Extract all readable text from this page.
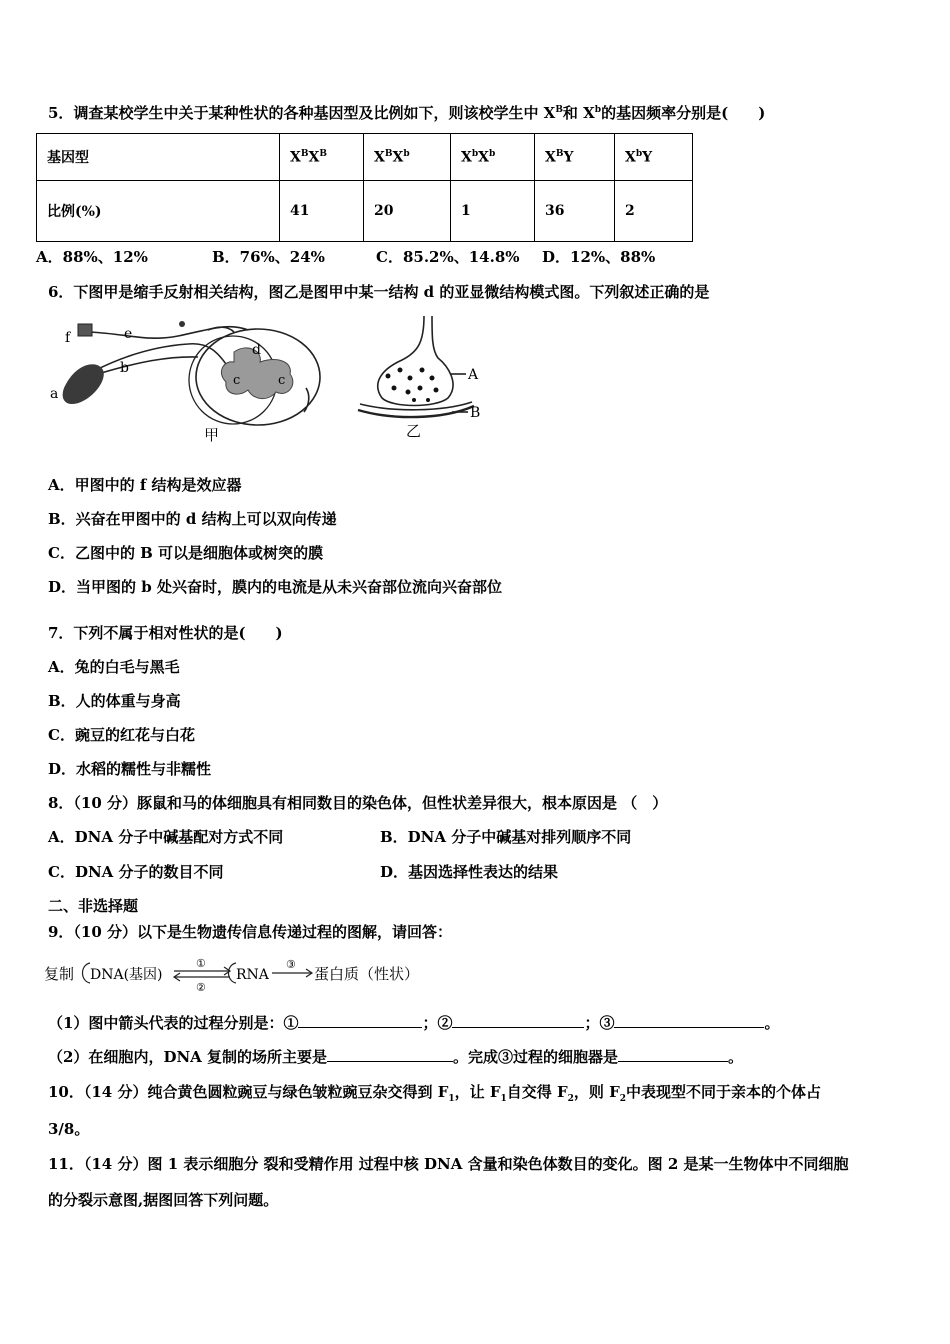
5．调查某校学生中关于某种性状的各种基因型及比例如下，则该校学生中 $X^B$和 $X^b$的基因频率分别是(　　)
基因型	$X^BX^B$	$X^BX^b$	$X^bX^b$	$X^BY$	$X^bY$
比例(%)	41	20	1	36	2
A．88%、12%	B．76%、24%	C．85.2%、14.8% D．12%、88%
6．下图甲是缩手反射相关结构，图乙是图甲中某一结构 d 的亚显微结构模式图。下列叙述正确的是
f	e
b
a
d
c	c
甲
A
B
乙
A．甲图中的 f 结构是效应器
B．兴奋在甲图中的 d 结构上可以双向传递
C．乙图中的 B 可以是细胞体或树突的膜
D．当甲图的 b 处兴奋时，膜内的电流是从未兴奋部位流向兴奋部位
7．下列不属于相对性状的是(　　)
A．兔的白毛与黑毛
B．人的体重与身高
C．豌豆的红花与白花
D．水稻的糯性与非糯性
8．（10 分）豚鼠和马的体细胞具有相同数目的染色体，但性状差异很大，根本原因是 （　）
A．DNA 分子中碱基配对方式不同	B．DNA 分子中碱基对排列顺序不同
C．DNA 分子的数目不同	D．基因选择性表达的结果
二、非选择题
9．（10 分）以下是生物遗传信息传递过程的图解，请回答：
复制 DNA(基因)
①
②
RNA
③
蛋白质（性状）
（1）图中箭头代表的过程分别是：①	；②	；③	。
（2）在细胞内，DNA 复制的场所主要是	。完成③过程的细胞器是	。
10．（14 分）纯合黄色圆粒豌豆与绿色皱粒豌豆杂交得到 $F_1$，让 $F_1$自交得 $F_2$，则 $F_2$中表现型不同于亲本的个体占
3/8。
11．（14 分）图 1 表示细胞分 裂和受精作用 过程中核 DNA 含量和染色体数目的变化。图 2 是某一生物体中不同细胞
的分裂示意图,据图回答下列问题。
